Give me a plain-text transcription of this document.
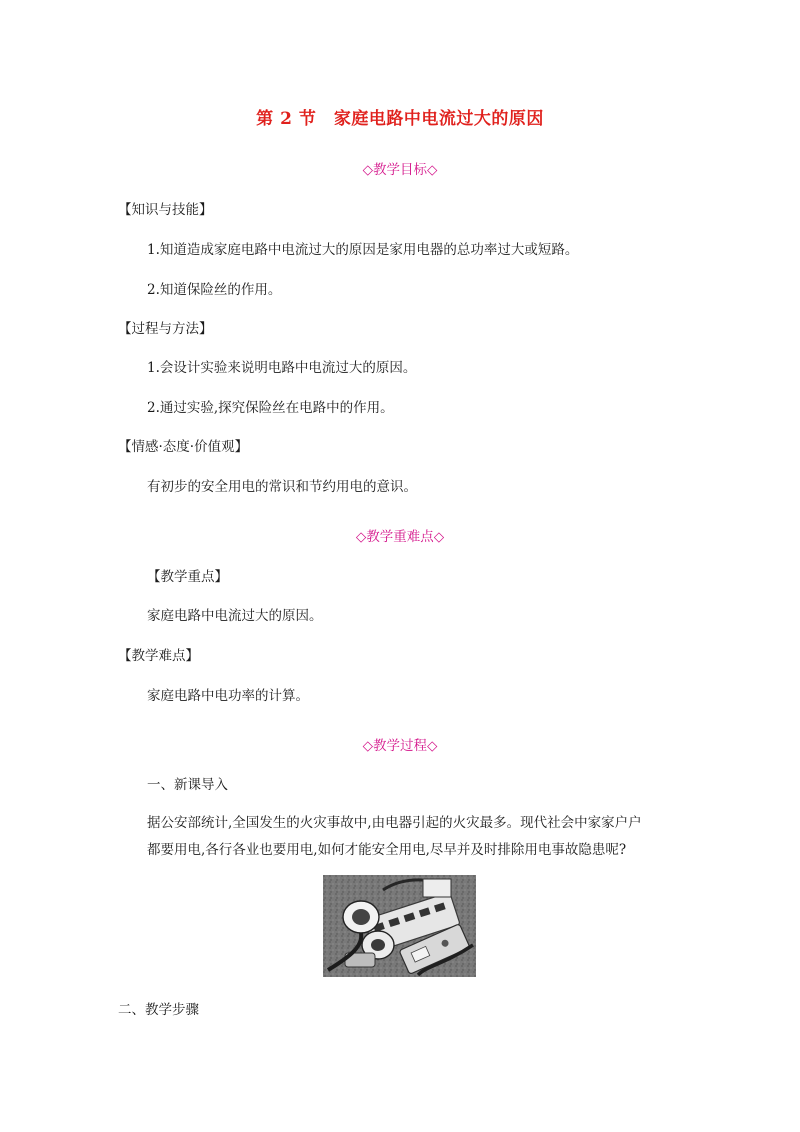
第 2 节　家庭电路中电流过大的原因
◇教学目标◇
【知识与技能】
1.知道造成家庭电路中电流过大的原因是家用电器的总功率过大或短路。
2.知道保险丝的作用。
【过程与方法】
1.会设计实验来说明电路中电流过大的原因。
2.通过实验,探究保险丝在电路中的作用。
【情感·态度·价值观】
有初步的安全用电的常识和节约用电的意识。
◇教学重难点◇
【教学重点】
家庭电路中电流过大的原因。
【教学难点】
家庭电路中电功率的计算。
◇教学过程◇
一、新课导入
据公安部统计,全国发生的火灾事故中,由电器引起的火灾最多。现代社会中家家户户都要用电,各行各业也要用电,如何才能安全用电,尽早并及时排除用电事故隐患呢?
二、教学步骤
